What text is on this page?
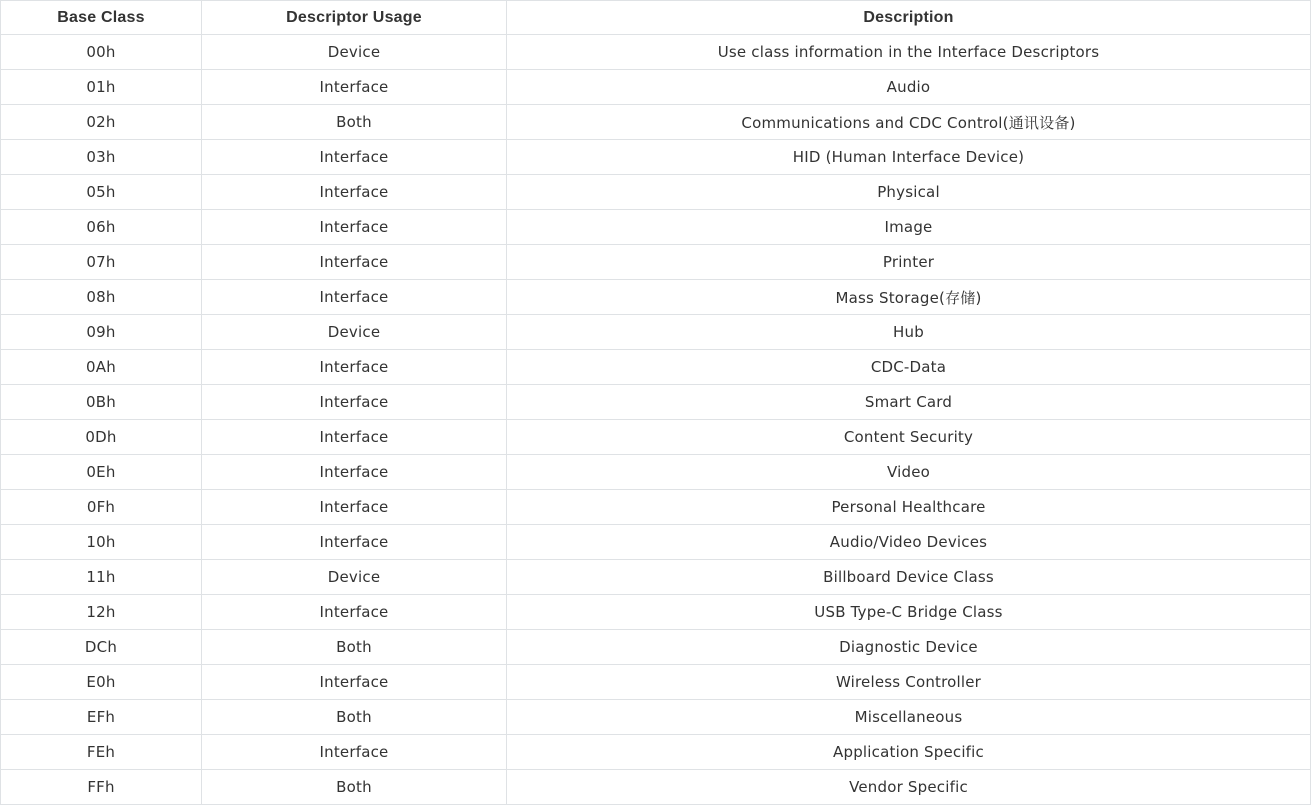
Base Class	Descriptor Usage	Description
00h	Device	Use class information in the Interface Descriptors
01h	Interface	Audio
02h	Both	Communications and CDC Control(通讯设备)
03h	Interface	HID (Human Interface Device)
05h	Interface	Physical
06h	Interface	Image
07h	Interface	Printer
08h	Interface	Mass Storage(存储)
09h	Device	Hub
0Ah	Interface	CDC-Data
0Bh	Interface	Smart Card
0Dh	Interface	Content Security
0Eh	Interface	Video
0Fh	Interface	Personal Healthcare
10h	Interface	Audio/Video Devices
11h	Device	Billboard Device Class
12h	Interface	USB Type-C Bridge Class
DCh	Both	Diagnostic Device
E0h	Interface	Wireless Controller
EFh	Both	Miscellaneous
FEh	Interface	Application Specific
FFh	Both	Vendor Specific
